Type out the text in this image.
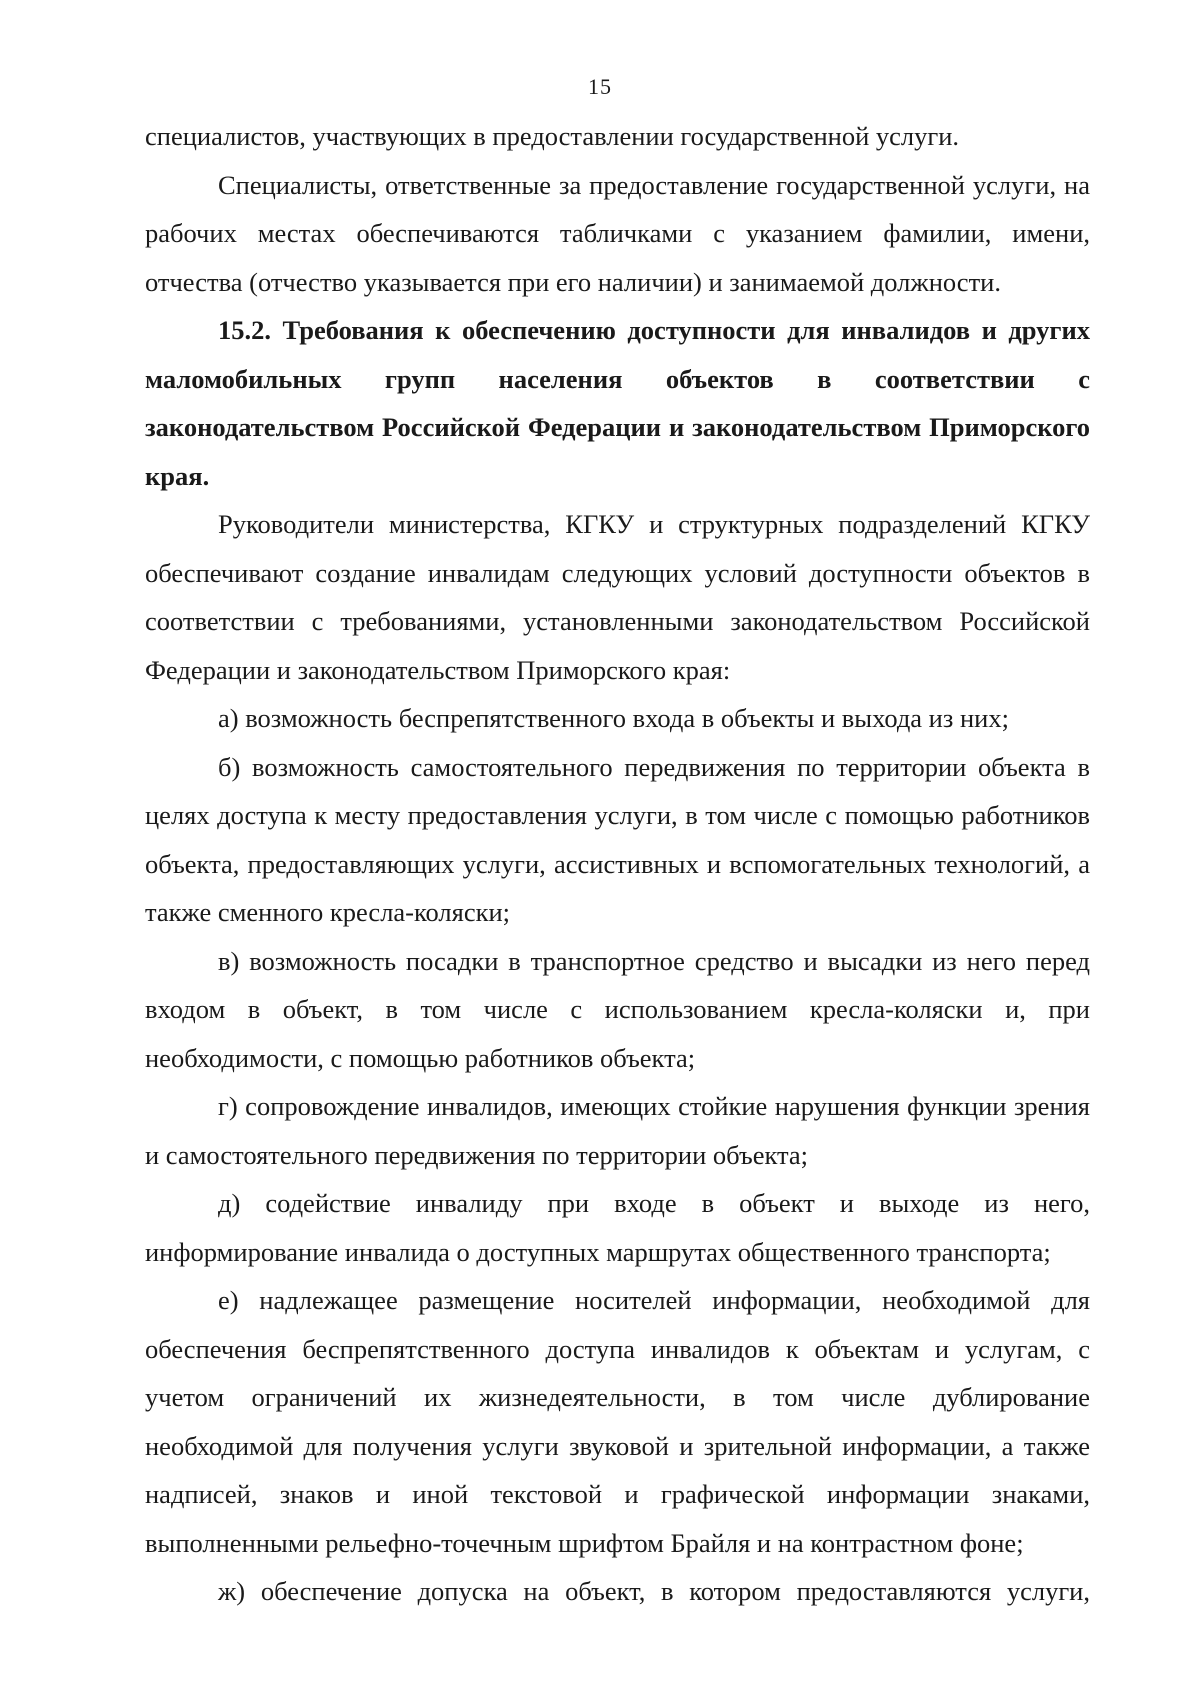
15

специалистов, участвующих в предоставлении государственной услуги.

Специалисты, ответственные за предоставление государственной услуги, на рабочих местах обеспечиваются табличками с указанием фамилии, имени, отчества (отчество указывается при его наличии) и занимаемой должности.

15.2. Требования к обеспечению доступности для инвалидов и других маломобильных групп населения объектов в соответствии с законодательством Российской Федерации и законодательством Приморского края.

Руководители министерства, КГКУ и структурных подразделений КГКУ обеспечивают создание инвалидам следующих условий доступности объектов в соответствии с требованиями, установленными законодательством Российской Федерации и законодательством Приморского края:

а) возможность беспрепятственного входа в объекты и выхода из них;

б) возможность самостоятельного передвижения по территории объекта в целях доступа к месту предоставления услуги, в том числе с помощью работников объекта, предоставляющих услуги, ассистивных и вспомогательных технологий, а также сменного кресла-коляски;

в) возможность посадки в транспортное средство и высадки из него перед входом в объект, в том числе с использованием кресла-коляски и, при необходимости, с помощью работников объекта;

г) сопровождение инвалидов, имеющих стойкие нарушения функции зрения и самостоятельного передвижения по территории объекта;

д) содействие инвалиду при входе в объект и выходе из него, информирование инвалида о доступных маршрутах общественного транспорта;

е) надлежащее размещение носителей информации, необходимой для обеспечения беспрепятственного доступа инвалидов к объектам и услугам, с учетом ограничений их жизнедеятельности, в том числе дублирование необходимой для получения услуги звуковой и зрительной информации, а также надписей, знаков и иной текстовой и графической информации знаками, выполненными рельефно-точечным шрифтом Брайля и на контрастном фоне;

ж) обеспечение допуска на объект, в котором предоставляются услуги,
